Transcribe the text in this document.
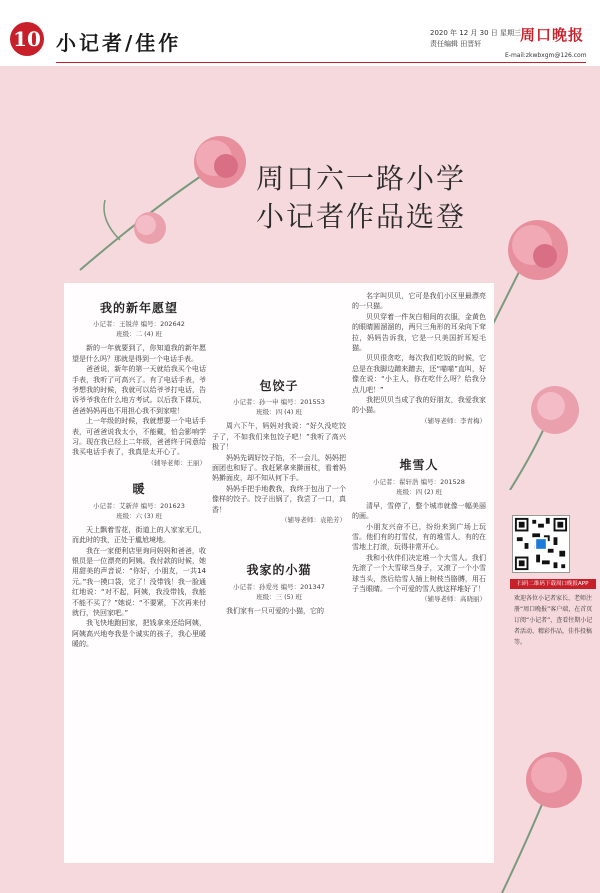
10 小记者/佳作	2020 年 12 月 30 日 星期三
责任编辑 田晋轩	周口晚报
E-mail:zkwbxgm@126.com
周口六一路小学
小记者作品选登
我的新年愿望
小记者：王锐萍 编号：202642
班级：二 (4) 班

新的一年就要到了，你知道我的新年愿望是什么吗？那就是得到一个电话手表。

爸爸说，新年的第一天就给我买个电话手表，我听了可高兴了。有了电话手表，爷爷想我的时候，我就可以给爷爷打电话，告诉爷爷我在什么地方考试。以后我下课玩，爸爸妈妈再也不用担心我不到家啦！

上一年级的时候，我就想要一个电话手表，可爸爸说我太小，不能戴，怕会影响学习。现在我已经上二年级，爸爸终于同意给我买电话手表了，我真是太开心了。

（辅导老师：王丽）
暖
小记者：艾新萍 编号：201623
班级：六 (3) 班

天上飘着雪花，街道上的人家家无几，而此时的我，正处于尴尬境地。

我在一家便利店里询问妈妈和爸爸，收银员是一位漂亮的阿姨。我付款的时候，她用甜美的声音说：“你好，小朋友，一共14元。”我一摸口袋，完了！没带钱！我一脸通红地说：“对不起，阿姨，我没带钱，我能不能不买了？”她说：“不要紧，下次再来付就行，快回家吧。”

我飞快地跑回家，把钱拿来还给阿姨，阿姨高兴地夸我是个诚实的孩子，我心里暖暖的。

包饺子
小记者：孙一申 编号：201553
班级：四 (4) 班

周六下午，妈妈对我说：“好久没吃饺子了，不如我们来包饺子吧！”我听了高兴极了！

妈妈先调好饺子馅，不一会儿，妈妈把面团也和好了。我赶紧拿来擀面杖，看着妈妈擀面皮，却不知从何下手。

妈妈手把手地教我，我终于包出了一个像样的饺子。饺子出锅了，我尝了一口，真香！

（辅导老师：袁艳芳）
我家的小猫
小记者：孙爱亮 编号：201347
班级：三 (5) 班

我们家有一只可爱的小猫，它的

名字叫贝贝，它可是我们小区里最漂亮的一只猫。

贝贝穿着一件灰白相间的衣服，金黄色的眼睛圆溜溜的，两只三角形的耳朵向下耷拉，妈妈告诉我，它是一只美国折耳短毛猫。

贝贝很贪吃，每次我们吃饭的时候，它总是在我脚边蹭来蹭去，还“喵喵”直叫，好像在说：“小主人，你在吃什么呀？给我分点儿吧！”

我把贝贝当成了我的好朋友，我爱我家的小猫。

（辅导老师：李青梅）
堆雪人
小记者：翟轩浩 编号：201528
班级：四 (2) 班

清早，雪停了，整个城市就像一幅美丽的画。

小朋友兴奋不已，纷纷来到广场上玩雪。他们有的打雪仗，有的堆雪人，有的在雪地上打滚，玩得非常开心。

我和小伙伴们决定堆一个大雪人。我们先滚了一个大雪球当身子，又滚了一个小雪球当头，然后给雪人插上树枝当胳膊，用石子当眼睛。一个可爱的雪人就这样堆好了！

（辅导老师：高晓丽）
扫码二维码下载周口晚报APP
欢迎各位小记者家长、老师注册“周口晚报”客户端，在首页订阅“小记者”，查看往期小记者活动、精彩作品，佳作投稿等。
